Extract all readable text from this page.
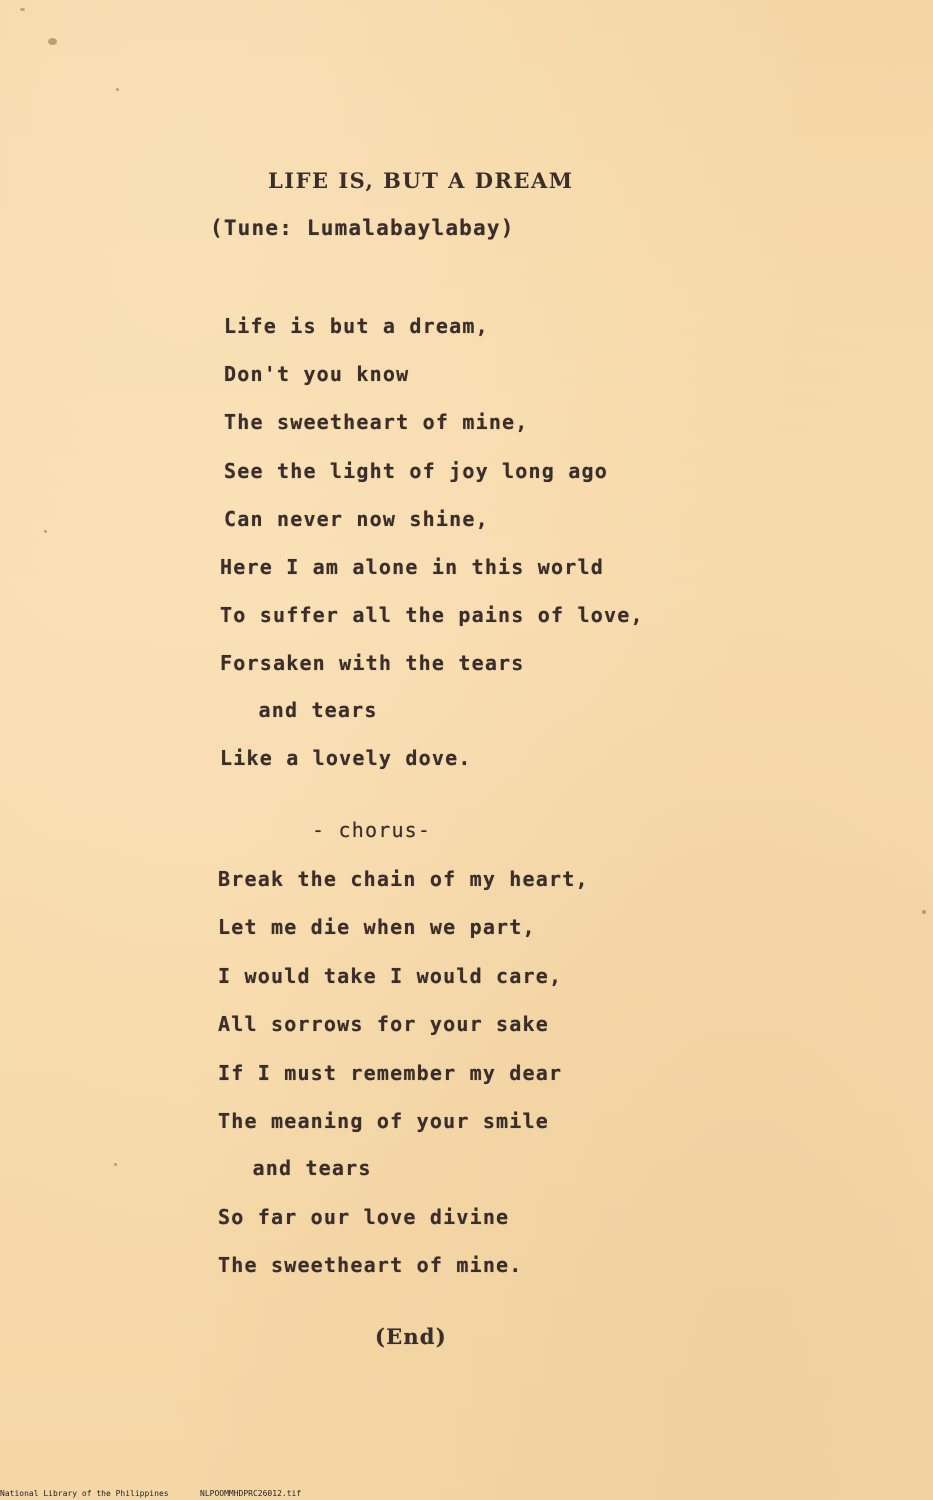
LIFE IS, BUT A DREAM
(Tune: Lumalabaylabay)
Life is but a dream,
Don't you know
The sweetheart of mine,
See the light of joy long ago
Can never now shine,
Here I am alone in this world
To suffer all the pains of love,
Forsaken with the tears
and tears
Like a lovely dove.
- chorus-
Break the chain of my heart,
Let me die when we part,
I would take I would care,
All sorrows for your sake
If I must remember my dear
The meaning of your smile
and tears
So far our love divine
The sweetheart of mine.
(End)
National Library of the Philippines	NLPOOMMHDPRC26012.tif
